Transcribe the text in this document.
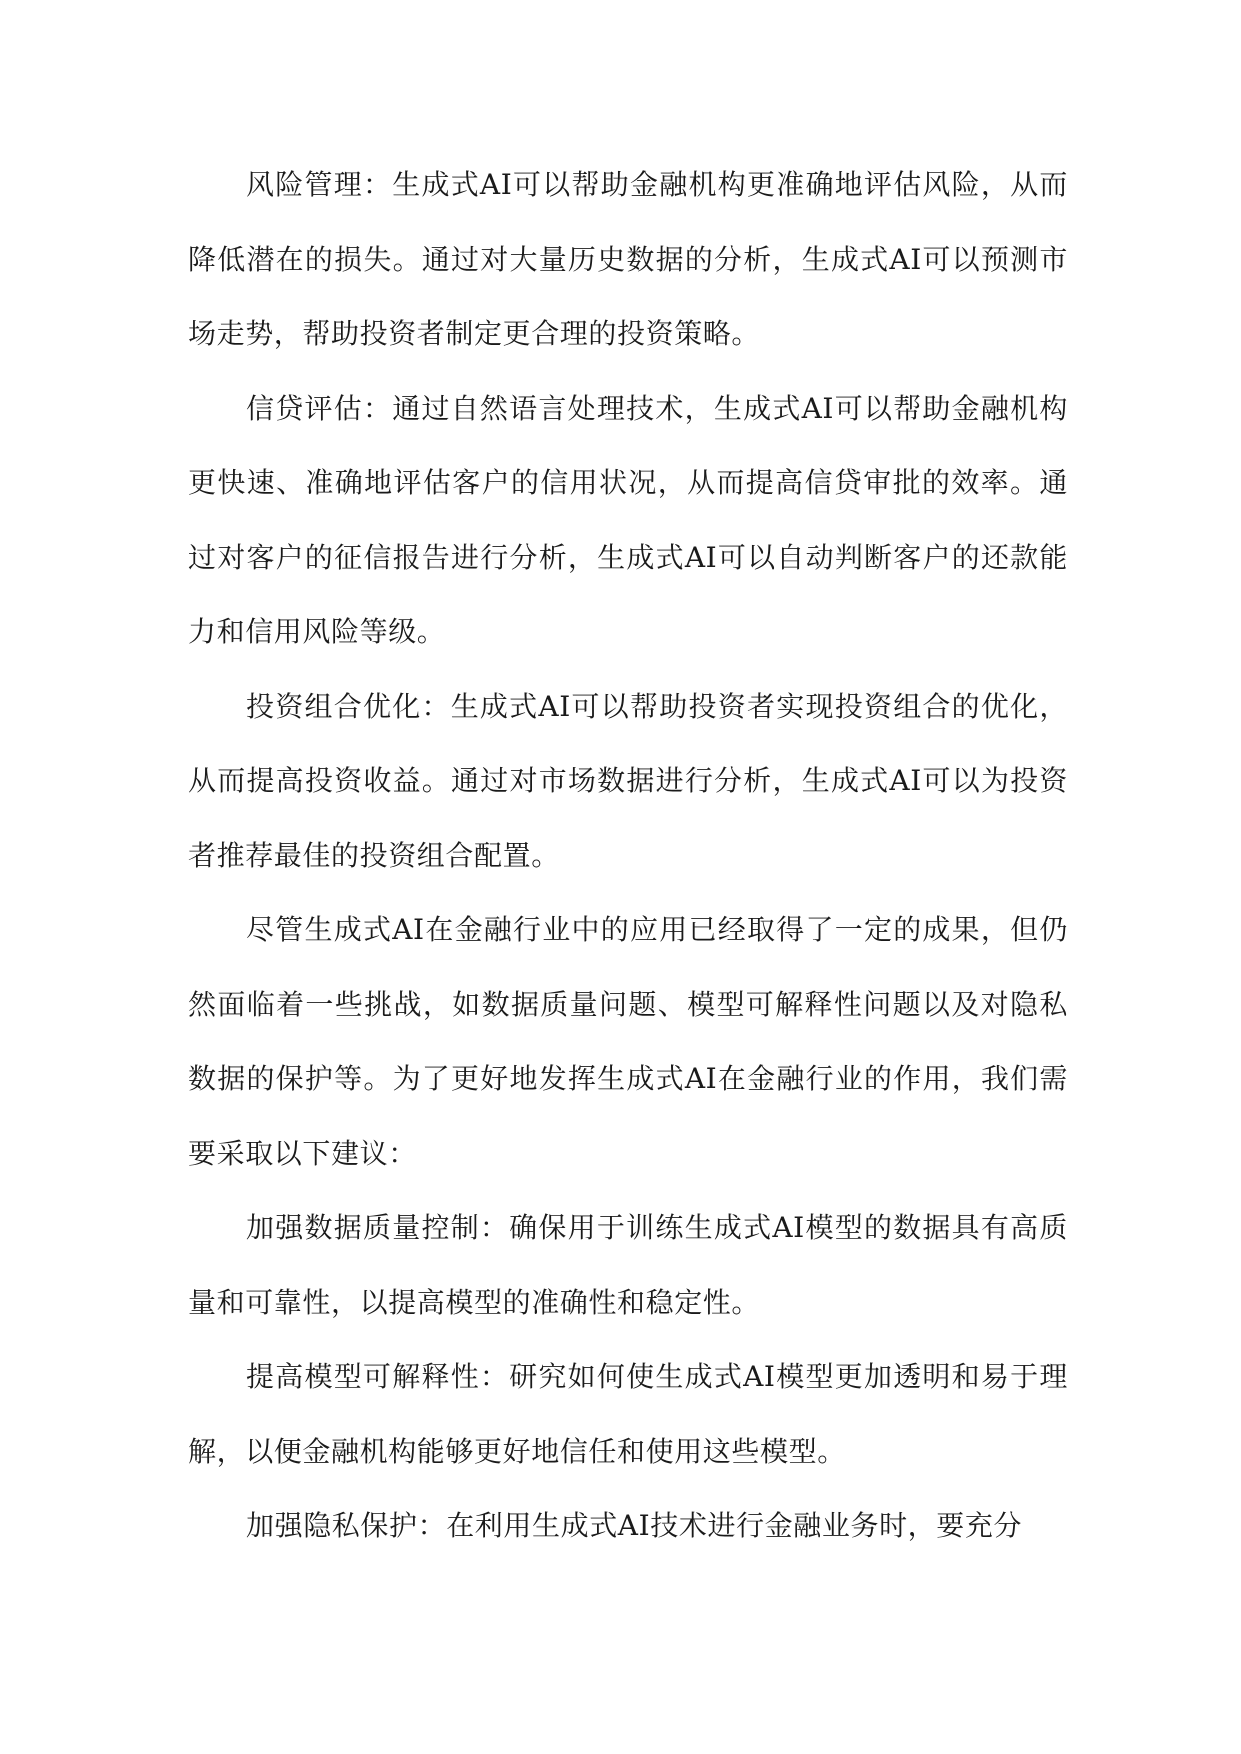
风险管理：生成式AI可以帮助金融机构更准确地评估风险，从而降低潜在的损失。通过对大量历史数据的分析，生成式AI可以预测市场走势，帮助投资者制定更合理的投资策略。

信贷评估：通过自然语言处理技术，生成式AI可以帮助金融机构更快速、准确地评估客户的信用状况，从而提高信贷审批的效率。通过对客户的征信报告进行分析，生成式AI可以自动判断客户的还款能力和信用风险等级。

投资组合优化：生成式AI可以帮助投资者实现投资组合的优化，从而提高投资收益。通过对市场数据进行分析，生成式AI可以为投资者推荐最佳的投资组合配置。

尽管生成式AI在金融行业中的应用已经取得了一定的成果，但仍然面临着一些挑战，如数据质量问题、模型可解释性问题以及对隐私数据的保护等。为了更好地发挥生成式AI在金融行业的作用，我们需要采取以下建议：

加强数据质量控制：确保用于训练生成式AI模型的数据具有高质量和可靠性，以提高模型的准确性和稳定性。

提高模型可解释性：研究如何使生成式AI模型更加透明和易于理解，以便金融机构能够更好地信任和使用这些模型。

加强隐私保护：在利用生成式AI技术进行金融业务时，要充分
